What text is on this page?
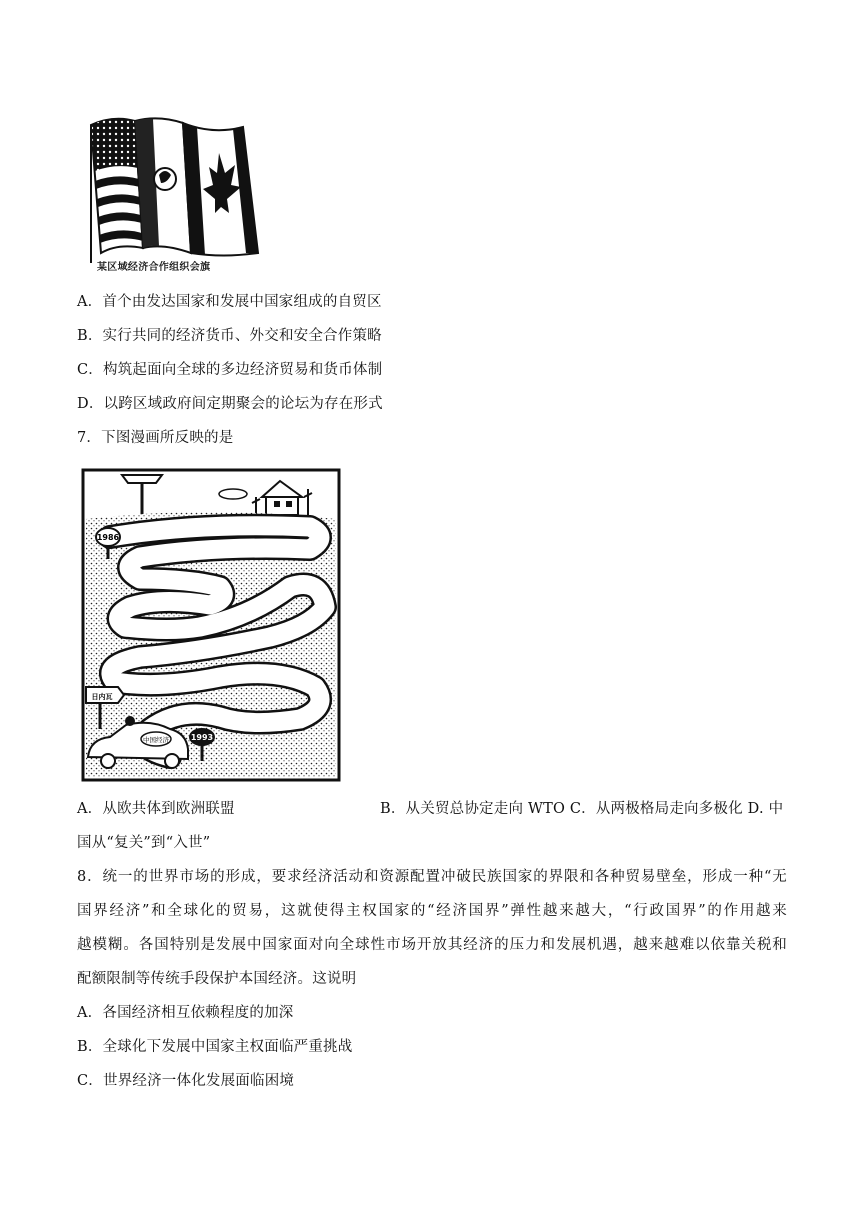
某区域经济合作组织会旗
A．首个由发达国家和发展中国家组成的自贸区
B．实行共同的经济货币、外交和安全合作策略
C．构筑起面向全球的多边经济贸易和货币体制
D．以跨区域政府间定期聚会的论坛为存在形式
7．下图漫画所反映的是
1986
1993
日内瓦
中国经济
A．从欧共体到欧洲联盟	B．从关贸总协定走向 WTO C．从两极格局走向多极化 D. 中
国从“复关”到“入世”
8．统一的世界市场的形成，要求经济活动和资源配置冲破民族国家的界限和各种贸易壁垒，形成一种“无
国界经济”和全球化的贸易，这就使得主权国家的“经济国界”弹性越来越大，“行政国界”的作用越来
越模糊。各国特别是发展中国家面对向全球性市场开放其经济的压力和发展机遇，越来越难以依靠关税和
配额限制等传统手段保护本国经济。这说明
A．各国经济相互依赖程度的加深
B．全球化下发展中国家主权面临严重挑战
C．世界经济一体化发展面临困境
